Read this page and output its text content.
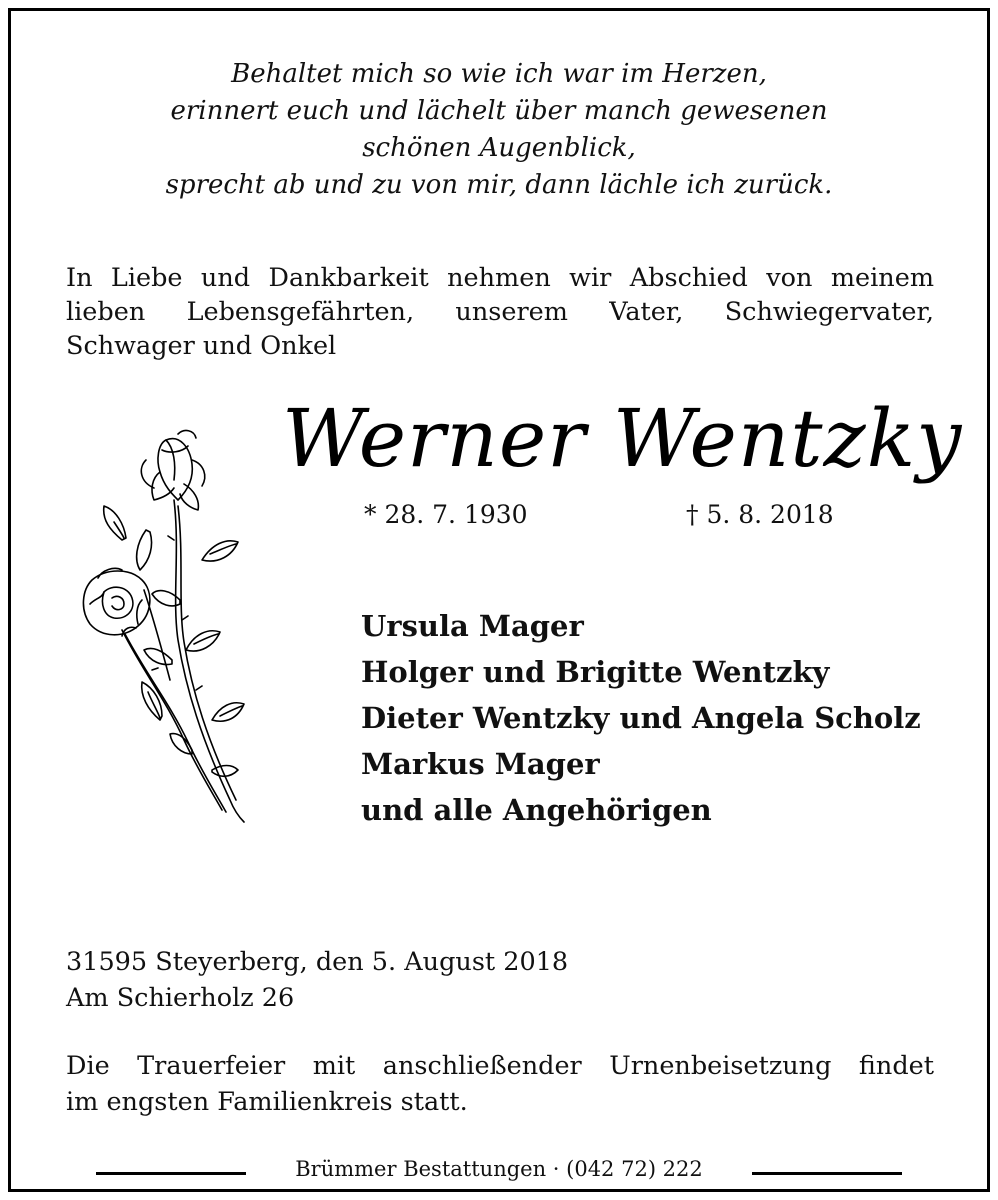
Behaltet mich so wie ich war im Herzen,
erinnert euch und lächelt über manch gewesenen
schönen Augenblick,
sprecht ab und zu von mir, dann lächle ich zurück.
In Liebe und Dankbarkeit nehmen wir Abschied von meinem
lieben Lebensgefährten, unserem Vater, Schwiegervater,
Schwager und Onkel
Werner Wentzky
* 28. 7. 1930	† 5. 8. 2018
Ursula Mager
Holger und Brigitte Wentzky
Dieter Wentzky und Angela Scholz
Markus Mager
und alle Angehörigen
31595 Steyerberg, den 5. August 2018
Am Schierholz 26
Die Trauerfeier mit anschließender Urnenbeisetzung findet
im engsten Familienkreis statt.
Brümmer Bestattungen · (042 72) 222
